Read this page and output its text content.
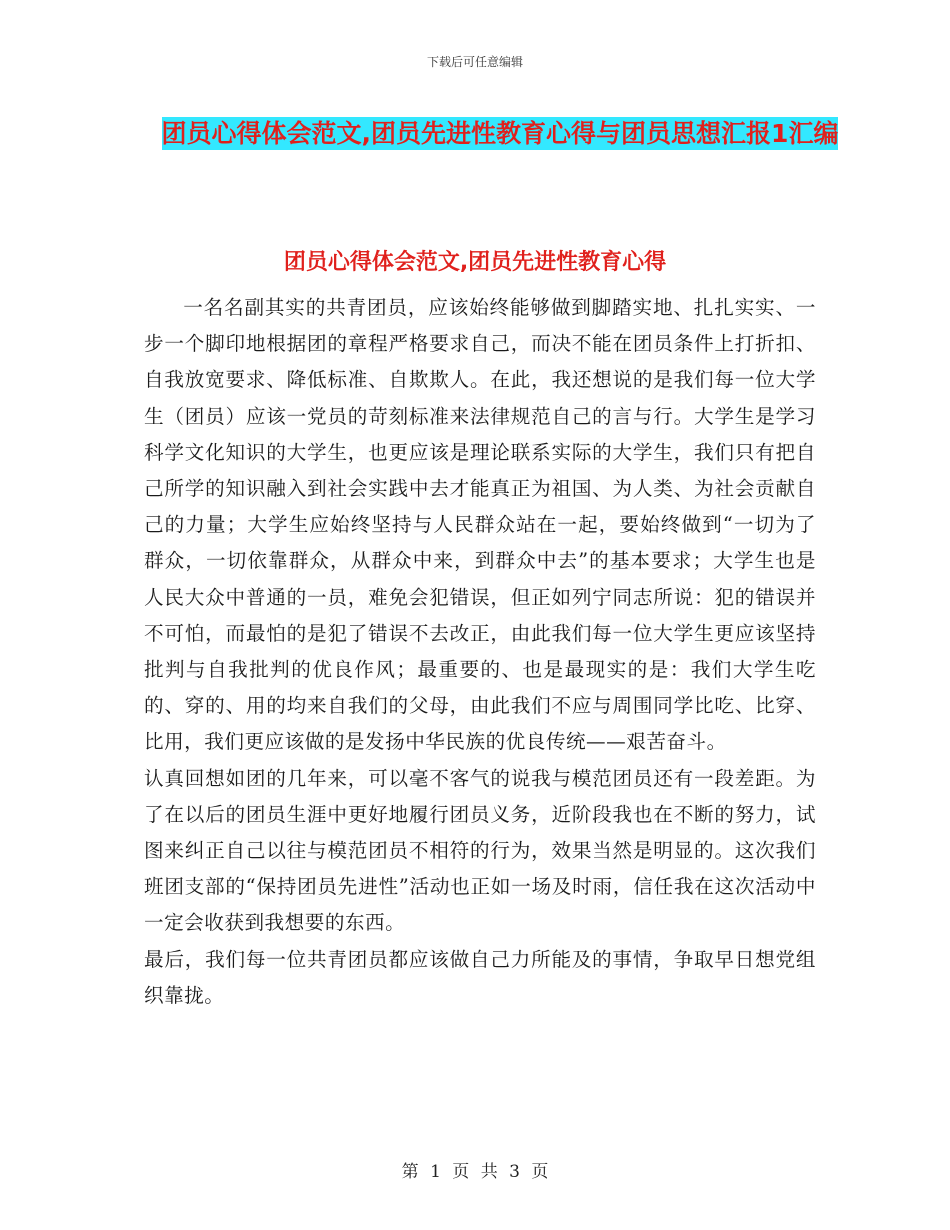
下载后可任意编辑
团员心得体会范文,团员先进性教育心得与团员思想汇报1汇编
团员心得体会范文,团员先进性教育心得

一名名副其实的共青团员，应该始终能够做到脚踏实地、扎扎实实、一步一个脚印地根据团的章程严格要求自己，而决不能在团员条件上打折扣、自我放宽要求、降低标准、自欺欺人。在此，我还想说的是我们每一位大学生（团员）应该一党员的苛刻标准来法律规范自己的言与行。大学生是学习科学文化知识的大学生，也更应该是理论联系实际的大学生，我们只有把自己所学的知识融入到社会实践中去才能真正为祖国、为人类、为社会贡献自己的力量；大学生应始终坚持与人民群众站在一起，要始终做到“一切为了群众，一切依靠群众，从群众中来，到群众中去”的基本要求；大学生也是人民大众中普通的一员，难免会犯错误，但正如列宁同志所说：犯的错误并不可怕，而最怕的是犯了错误不去改正，由此我们每一位大学生更应该坚持批判与自我批判的优良作风；最重要的、也是最现实的是：我们大学生吃的、穿的、用的均来自我们的父母，由此我们不应与周围同学比吃、比穿、比用，我们更应该做的是发扬中华民族的优良传统——艰苦奋斗。

认真回想如团的几年来，可以毫不客气的说我与模范团员还有一段差距。为了在以后的团员生涯中更好地履行团员义务，近阶段我也在不断的努力，试图来纠正自己以往与模范团员不相符的行为，效果当然是明显的。这次我们班团支部的“保持团员先进性”活动也正如一场及时雨，信任我在这次活动中一定会收获到我想要的东西。

最后，我们每一位共青团员都应该做自己力所能及的事情，争取早日想党组织靠拢。

第 1 页 共 3 页
